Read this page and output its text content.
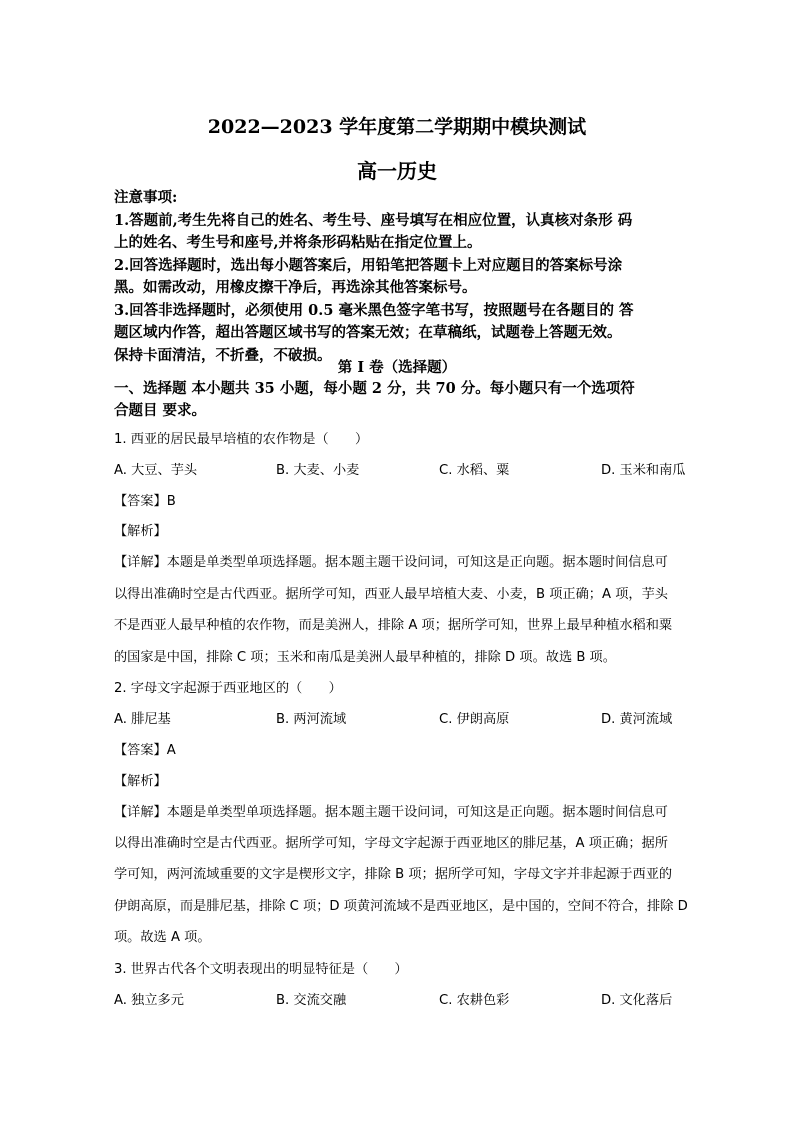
2022—2023 学年度第二学期期中模块测试
高一历史
注意事项:
1.答题前,考生先将自己的姓名、考生号、座号填写在相应位置，认真核对条形 码
上的姓名、考生号和座号,并将条形码粘贴在指定位置上。
2.回答选择题时，选出每小题答案后，用铅笔把答题卡上对应题目的答案标号涂
黑。如需改动，用橡皮擦干净后，再选涂其他答案标号。
3.回答非选择题时，必须使用 0.5 毫米黑色签字笔书写，按照题号在各题目的 答
题区域内作答，超出答题区域书写的答案无效；在草稿纸，试题卷上答题无效。
保持卡面清洁，不折叠，不破损。
第 I 卷（选择题）
一、选择题 本小题共 35 小题，每小题 2 分，共 70 分。每小题只有一个选项符
合题目 要求。
1. 西亚的居民最早培植的农作物是（　　）
A. 大豆、芋头	B. 大麦、小麦	C. 水稻、粟	D. 玉米和南瓜
【答案】B
【解析】
【详解】本题是单类型单项选择题。据本题主题干设问词，可知这是正向题。据本题时间信息可
以得出准确时空是古代西亚。据所学可知，西亚人最早培植大麦、小麦，B 项正确；A 项，芋头
不是西亚人最早种植的农作物，而是美洲人，排除 A 项；据所学可知，世界上最早种植水稻和粟
的国家是中国，排除 C 项；玉米和南瓜是美洲人最早种植的，排除 D 项。故选 B 项。
2. 字母文字起源于西亚地区的（　　）
A. 腓尼基	B. 两河流域	C. 伊朗高原	D. 黄河流域
【答案】A
【解析】
【详解】本题是单类型单项选择题。据本题主题干设问词，可知这是正向题。据本题时间信息可
以得出准确时空是古代西亚。据所学可知，字母文字起源于西亚地区的腓尼基，A 项正确；据所
学可知，两河流域重要的文字是楔形文字，排除 B 项；据所学可知，字母文字并非起源于西亚的
伊朗高原，而是腓尼基，排除 C 项；D 项黄河流域不是西亚地区，是中国的，空间不符合，排除 D
项。故选 A 项。
3. 世界古代各个文明表现出的明显特征是（　　）
A. 独立多元	B. 交流交融	C. 农耕色彩	D. 文化落后
